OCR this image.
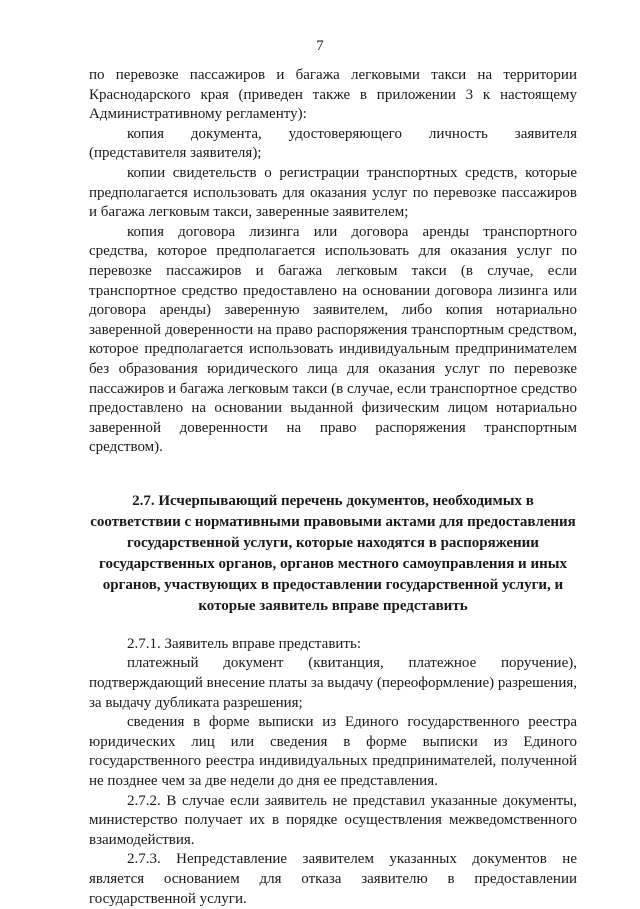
7

по перевозке пассажиров и багажа легковыми такси на территории Краснодарского края (приведен также в приложении 3 к настоящему Административному регламенту):

копия документа, удостоверяющего личность заявителя (представителя заявителя);

копии свидетельств о регистрации транспортных средств, которые предполагается использовать для оказания услуг по перевозке пассажиров и багажа легковым такси, заверенные заявителем;

копия договора лизинга или договора аренды транспортного средства, которое предполагается использовать для оказания услуг по перевозке пассажиров и багажа легковым такси (в случае, если транспортное средство предоставлено на основании договора лизинга или договора аренды) заверенную заявителем, либо копия нотариально заверенной доверенности на право распоряжения транспортным средством, которое предполагается использовать индивидуальным предпринимателем без образования юридического лица для оказания услуг по перевозке пассажиров и багажа легковым такси (в случае, если транспортное средство предоставлено на основании выданной физическим лицом нотариально заверенной доверенности на право распоряжения транспортным средством).

2.7. Исчерпывающий перечень документов, необходимых в соответствии с нормативными правовыми актами для предоставления государственной услуги, которые находятся в распоряжении государственных органов, органов местного самоуправления и иных органов, участвующих в предоставлении государственной услуги, и которые заявитель вправе представить

2.7.1. Заявитель вправе представить:

платежный документ (квитанция, платежное поручение), подтверждающий внесение платы за выдачу (переоформление) разрешения, за выдачу дубликата разрешения;

сведения в форме выписки из Единого государственного реестра юридических лиц или сведения в форме выписки из Единого государственного реестра индивидуальных предпринимателей, полученной не позднее чем за две недели до дня ее представления.

2.7.2. В случае если заявитель не представил указанные документы, министерство получает их в порядке осуществления межведомственного взаимодействия.

2.7.3. Непредставление заявителем указанных документов не является основанием для отказа заявителю в предоставлении государственной услуги.
